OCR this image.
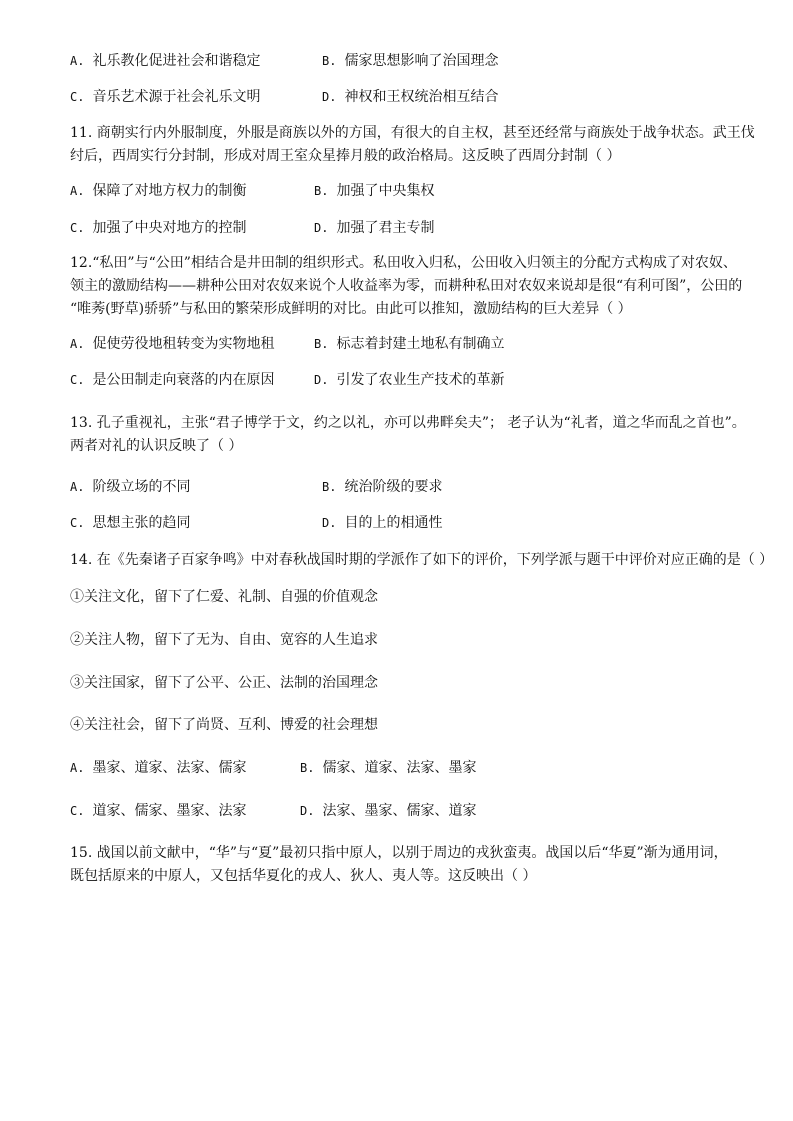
A. 礼乐教化促进社会和谐稳定	B. 儒家思想影响了治国理念
C. 音乐艺术源于社会礼乐文明	D. 神权和王权统治相互结合
11. 商朝实行内外服制度，外服是商族以外的方国，有很大的自主权，甚至还经常与商族处于战争状态。武王伐
纣后，西周实行分封制，形成对周王室众星捧月般的政治格局。这反映了西周分封制（ ）
A. 保障了对地方权力的制衡	B. 加强了中央集权
C. 加强了中央对地方的控制	D. 加强了君主专制
12.“私田”与“公田”相结合是井田制的组织形式。私田收入归私，公田收入归领主的分配方式构成了对农奴、
领主的激励结构——耕种公田对农奴来说个人收益率为零，而耕种私田对农奴来说却是很“有利可图”，公田的
“唯莠(野草)骄骄”与私田的繁荣形成鲜明的对比。由此可以推知，激励结构的巨大差异（ ）
A. 促使劳役地租转变为实物地租	B. 标志着封建土地私有制确立
C. 是公田制走向衰落的内在原因	D. 引发了农业生产技术的革新
13. 孔子重视礼，主张“君子博学于文，约之以礼，亦可以弗畔矣夫”； 老子认为“礼者，道之华而乱之首也”。
两者对礼的认识反映了（ ）
A. 阶级立场的不同	B. 统治阶级的要求
C. 思想主张的趋同	D. 目的上的相通性
14. 在《先秦诸子百家争鸣》中对春秋战国时期的学派作了如下的评价，下列学派与题干中评价对应正确的是（ ）
①关注文化，留下了仁爱、礼制、自强的价值观念
②关注人物，留下了无为、自由、宽容的人生追求
③关注国家，留下了公平、公正、法制的治国理念
④关注社会，留下了尚贤、互利、博爱的社会理想
A. 墨家、道家、法家、儒家	B. 儒家、道家、法家、墨家
C. 道家、儒家、墨家、法家	D. 法家、墨家、儒家、道家
15. 战国以前文献中，“华”与“夏”最初只指中原人，以别于周边的戎狄蛮夷。战国以后“华夏”渐为通用词，
既包括原来的中原人，又包括华夏化的戎人、狄人、夷人等。这反映出（ ）
